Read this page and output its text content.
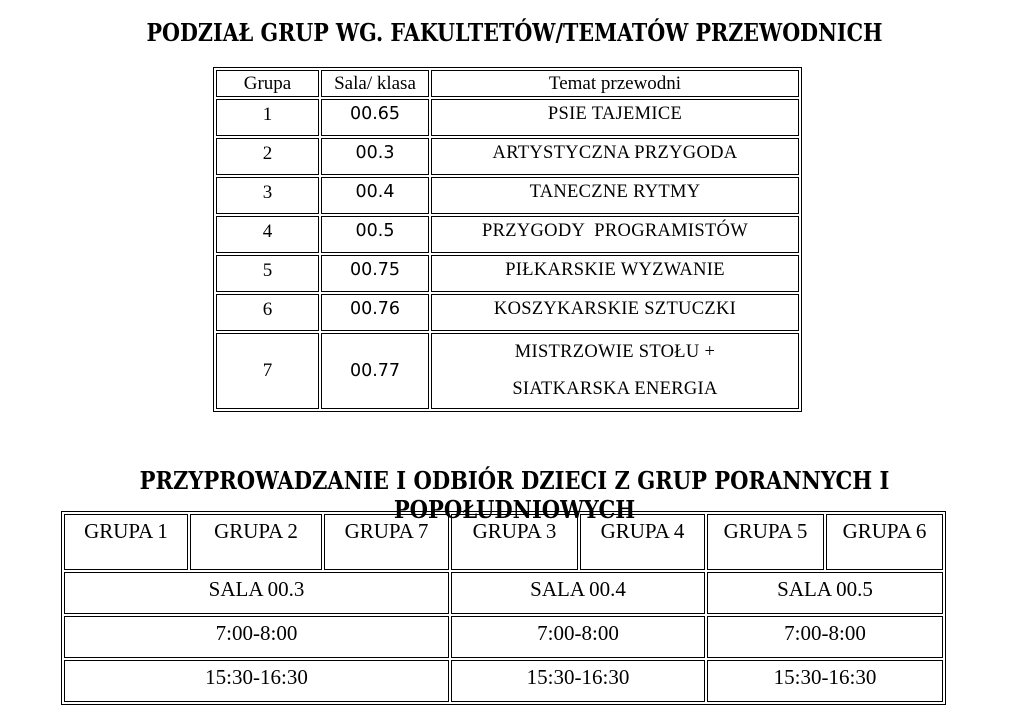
PODZIAŁ GRUP WG. FAKULTETÓW/TEMATÓW PRZEWODNICH
Grupa	Sala/ klasa	Temat przewodni
1	00.65	PSIE TAJEMICE
2	00.3	ARTYSTYCZNA PRZYGODA
3	00.4	TANECZNE RYTMY
4	00.5	PRZYGODY  PROGRAMISTÓW
5	00.75	PIŁKARSKIE WYZWANIE
6	00.76	KOSZYKARSKIE SZTUCZKI
7	00.77	MISTRZOWIE STOŁU +
SIATKARSKA ENERGIA
PRZYPROWADZANIE I ODBIÓR DZIECI Z GRUP PORANNYCH I POPOŁUDNIOWYCH
GRUPA 1	GRUPA 2	GRUPA 7	GRUPA 3	GRUPA 4	GRUPA 5	GRUPA 6
SALA 00.3			SALA 00.4		SALA 00.5	
7:00-8:00			7:00-8:00		7:00-8:00	
15:30-16:30			15:30-16:30		15:30-16:30	
